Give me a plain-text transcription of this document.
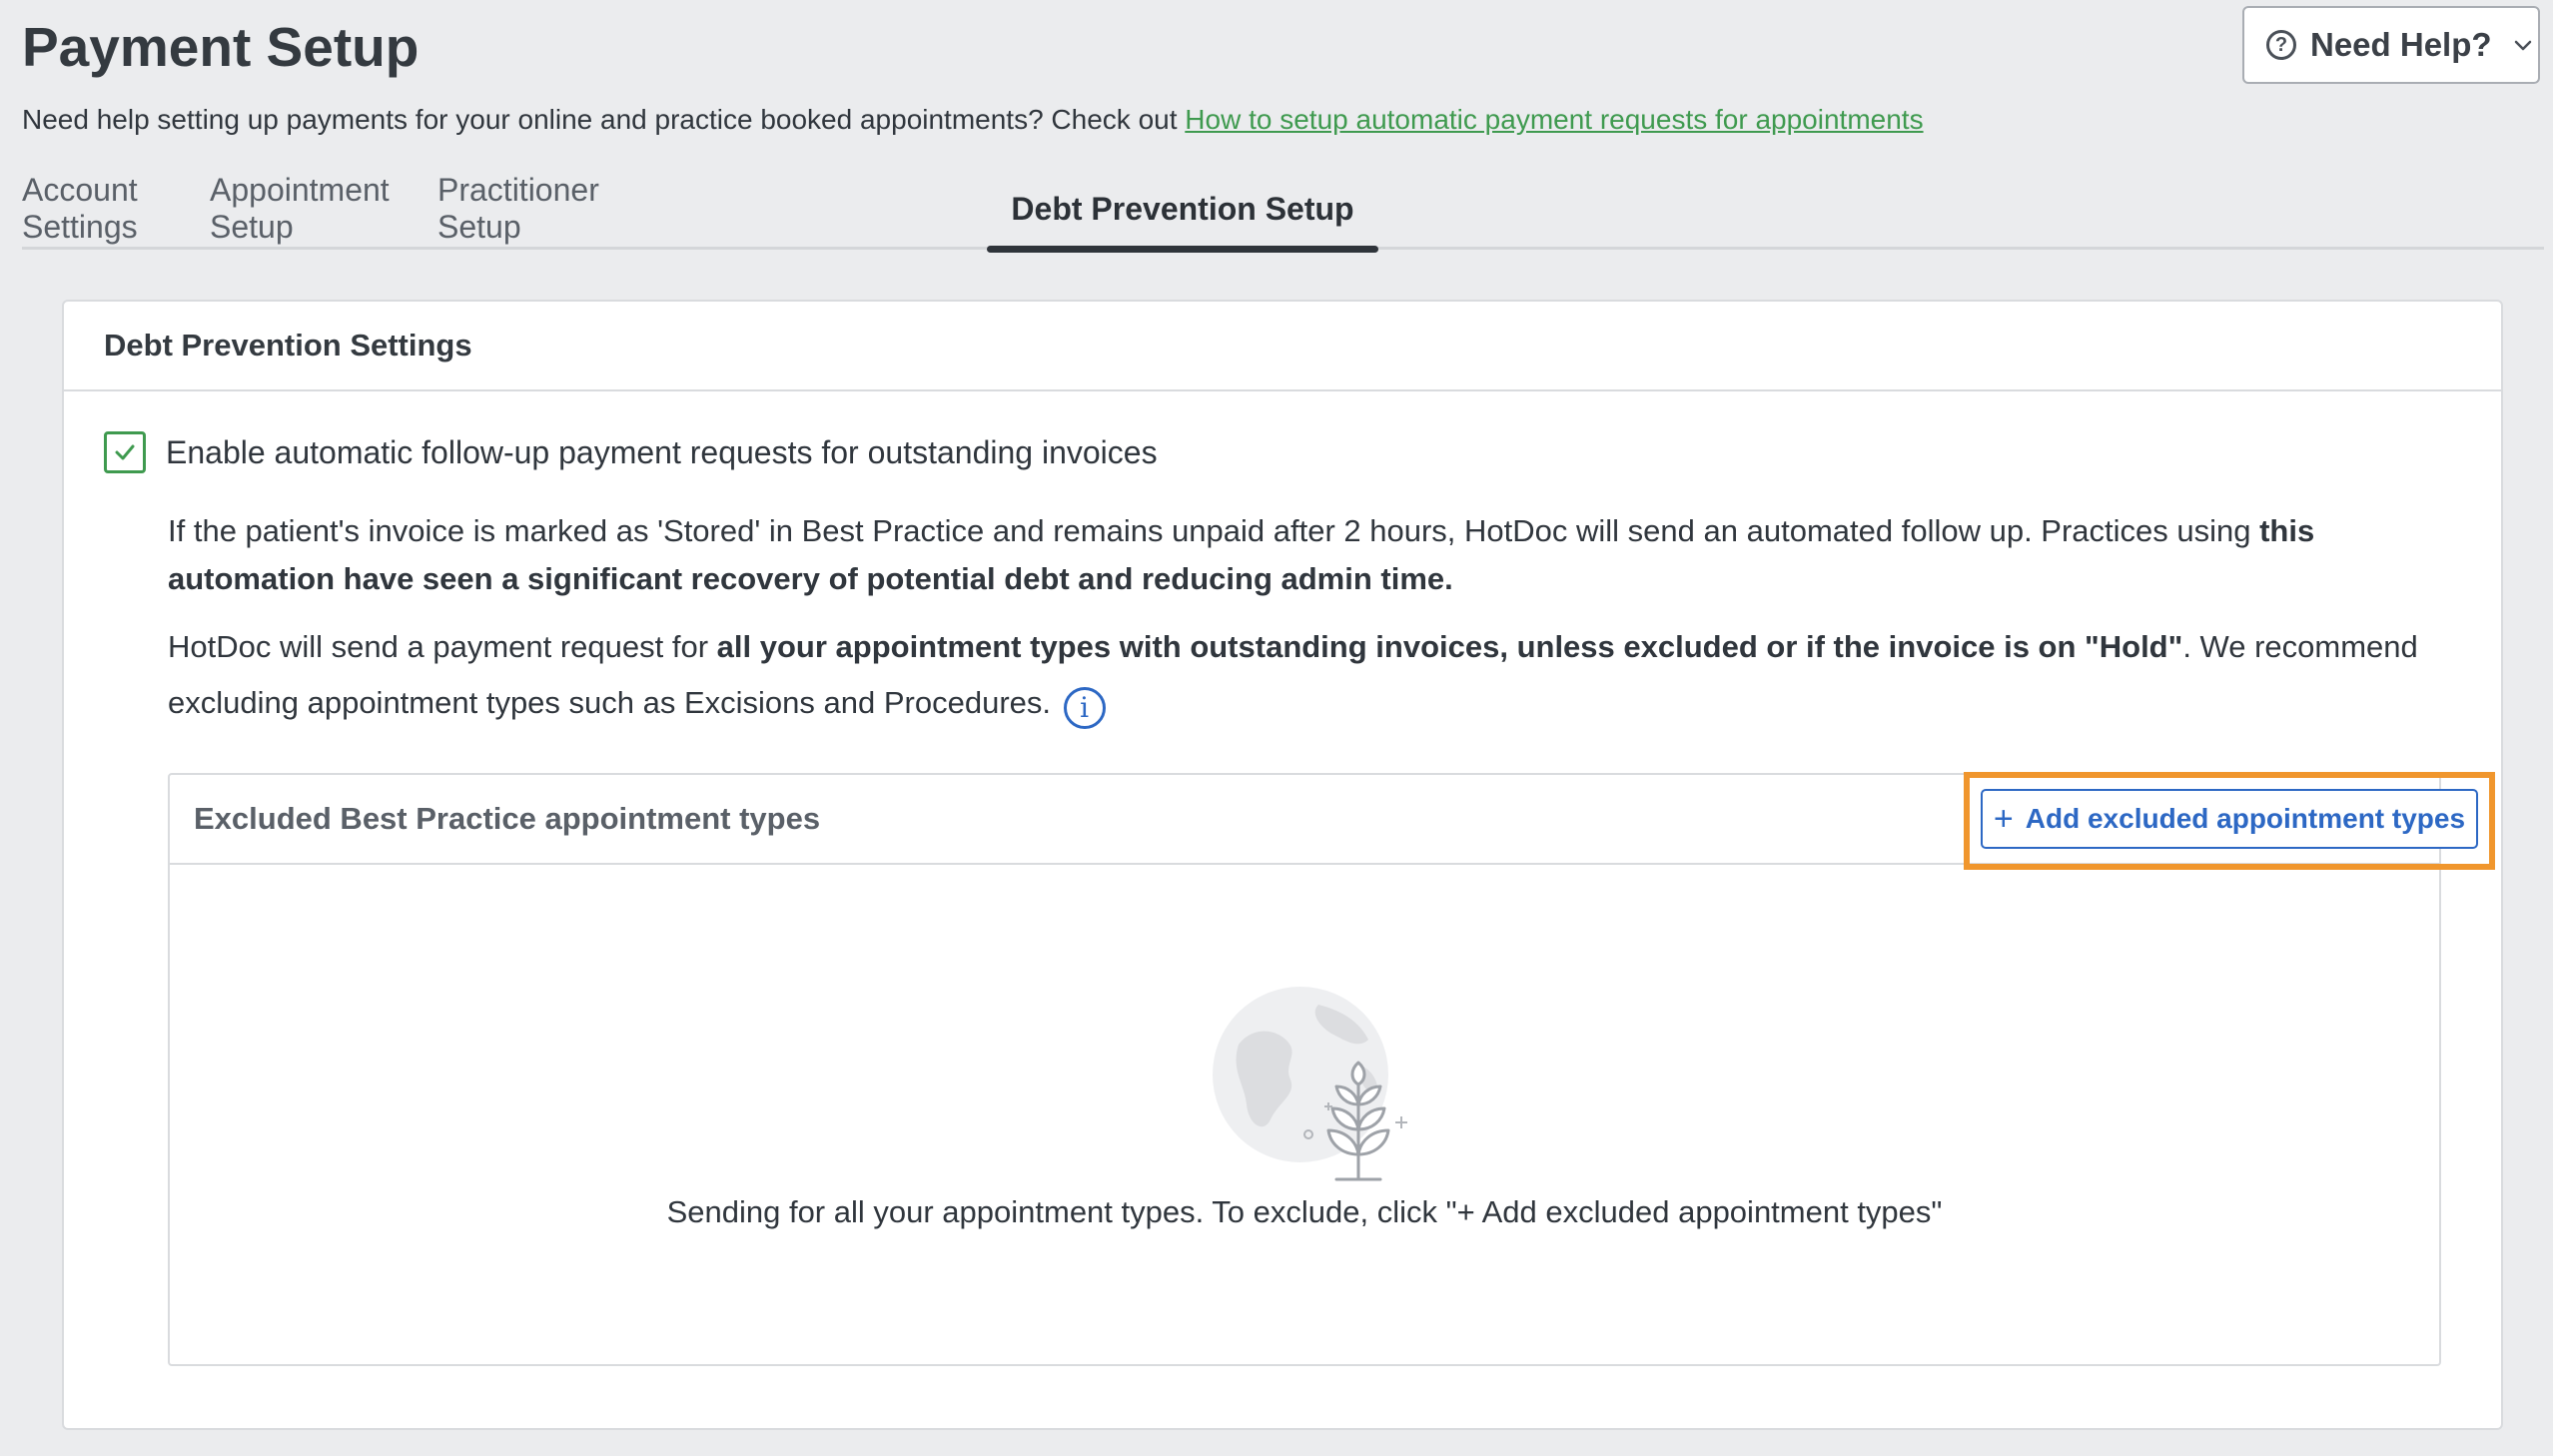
Payment Setup	? Need Help?
Need help setting up payments for your online and practice booked appointments? Check out How to setup automatic payment requests for appointments
Account Settings
Appointment Setup
Practitioner Setup
Debt Prevention Setup
Debt Prevention Settings
Enable automatic follow-up payment requests for outstanding invoices
If the patient's invoice is marked as 'Stored' in Best Practice and remains unpaid after 2 hours, HotDoc will send an automated follow up. Practices using this automation have seen a significant recovery of potential debt and reducing admin time.
HotDoc will send a payment request for all your appointment types with outstanding invoices, unless excluded or if the invoice is on "Hold". We recommend excluding appointment types such as Excisions and Procedures. i
Excluded Best Practice appointment types	+ Add excluded appointment types
Sending for all your appointment types. To exclude, click "+ Add excluded appointment types"
